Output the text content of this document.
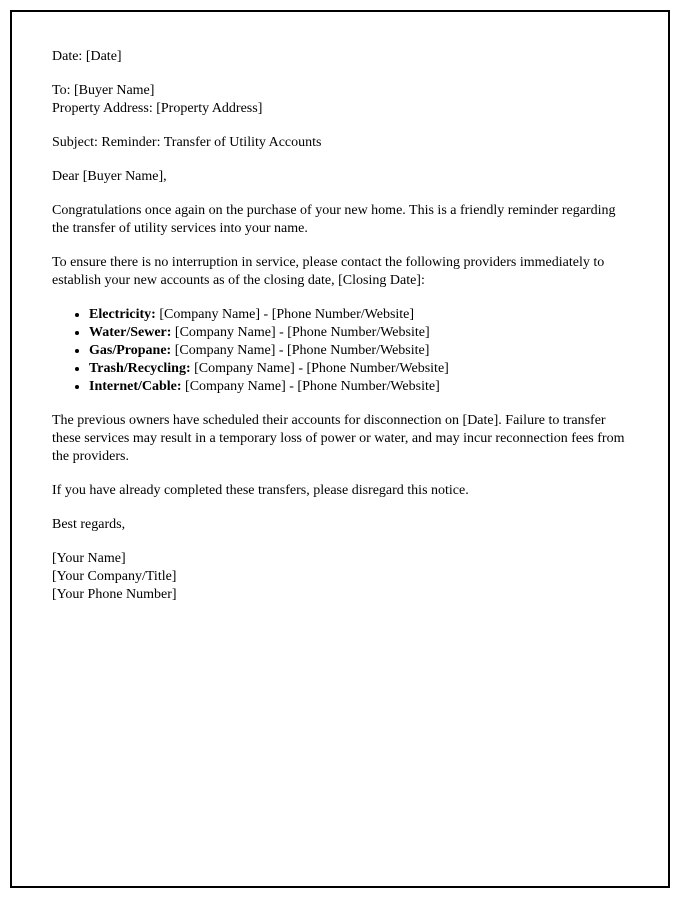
Date: [Date]
To: [Buyer Name]
Property Address: [Property Address]
Subject: Reminder: Transfer of Utility Accounts
Dear [Buyer Name],
Congratulations once again on the purchase of your new home. This is a friendly reminder regarding the transfer of utility services into your name.
To ensure there is no interruption in service, please contact the following providers immediately to establish your new accounts as of the closing date, [Closing Date]:
• Electricity: [Company Name] - [Phone Number/Website]
• Water/Sewer: [Company Name] - [Phone Number/Website]
• Gas/Propane: [Company Name] - [Phone Number/Website]
• Trash/Recycling: [Company Name] - [Phone Number/Website]
• Internet/Cable: [Company Name] - [Phone Number/Website]
The previous owners have scheduled their accounts for disconnection on [Date]. Failure to transfer these services may result in a temporary loss of power or water, and may incur reconnection fees from the providers.
If you have already completed these transfers, please disregard this notice.
Best regards,
[Your Name]
[Your Company/Title]
[Your Phone Number]
